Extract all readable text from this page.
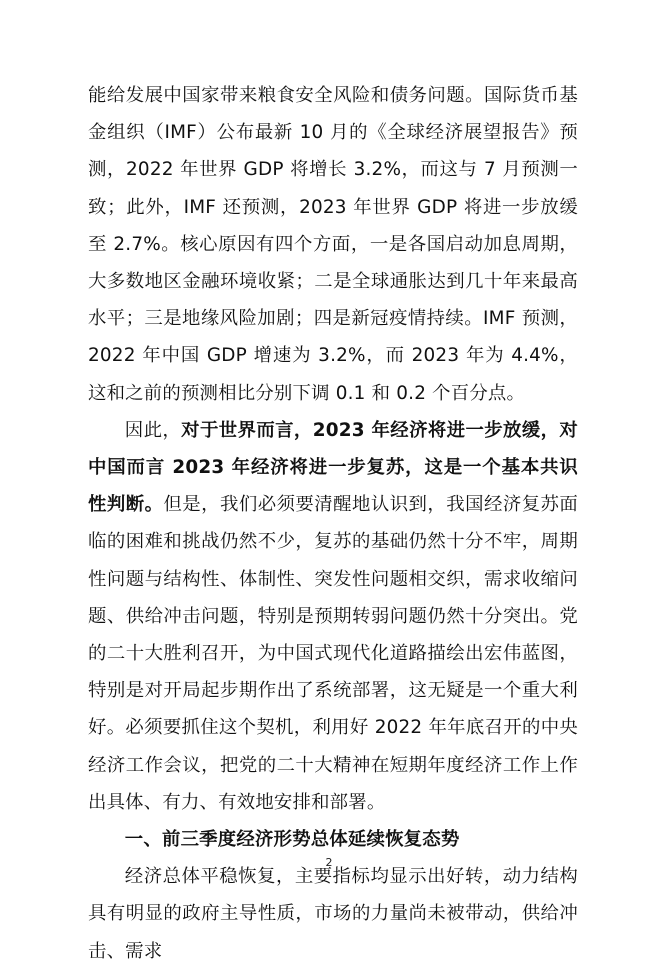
能给发展中国家带来粮食安全风险和债务问题。国际货币基金组织（IMF）公布最新 10 月的《全球经济展望报告》预测，2022 年世界 GDP 将增长 3.2%，而这与 7 月预测一致；此外，IMF 还预测，2023 年世界 GDP 将进一步放缓至 2.7%。核心原因有四个方面，一是各国启动加息周期，大多数地区金融环境收紧；二是全球通胀达到几十年来最高水平；三是地缘风险加剧；四是新冠疫情持续。IMF 预测，2022 年中国 GDP 增速为 3.2%，而 2023 年为 4.4%，这和之前的预测相比分别下调 0.1 和 0.2 个百分点。

因此，对于世界而言，2023 年经济将进一步放缓，对中国而言 2023 年经济将进一步复苏，这是一个基本共识性判断。但是，我们必须要清醒地认识到，我国经济复苏面临的困难和挑战仍然不少，复苏的基础仍然十分不牢，周期性问题与结构性、体制性、突发性问题相交织，需求收缩问题、供给冲击问题，特别是预期转弱问题仍然十分突出。党的二十大胜利召开，为中国式现代化道路描绘出宏伟蓝图，特别是对开局起步期作出了系统部署，这无疑是一个重大利好。必须要抓住这个契机，利用好 2022 年年底召开的中央经济工作会议，把党的二十大精神在短期年度经济工作上作出具体、有力、有效地安排和部署。

一、前三季度经济形势总体延续恢复态势

经济总体平稳恢复，主要指标均显示出好转，动力结构具有明显的政府主导性质，市场的力量尚未被带动，供给冲击、需求

2
